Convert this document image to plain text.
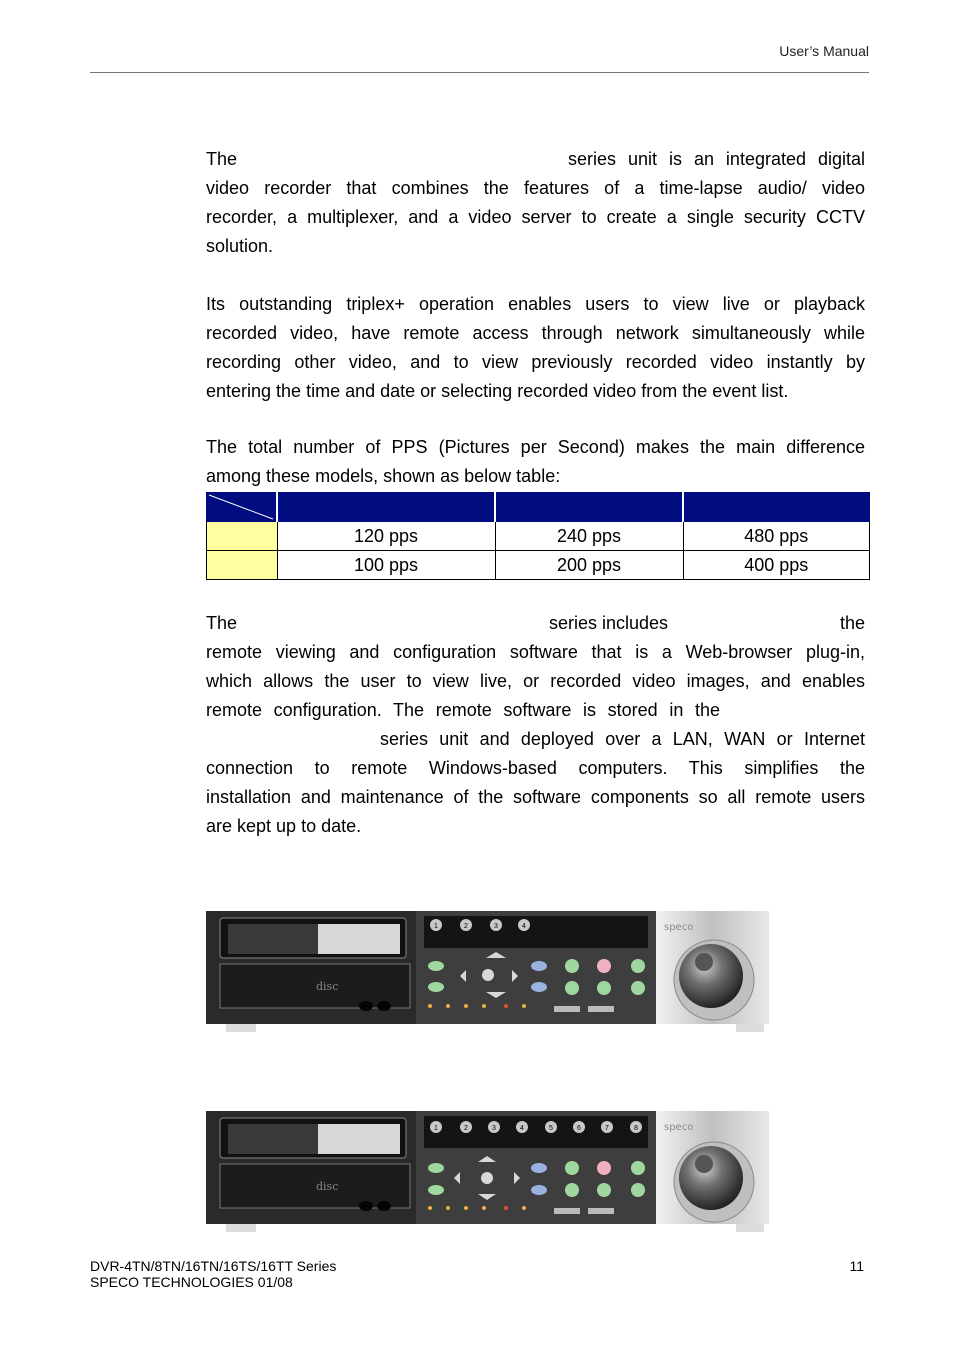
User’s Manual
The	series unit is an integrated digital
video recorder that combines the features of a time-lapse audio/ video
recorder, a multiplexer, and a video server to create a single security CCTV
solution.
Its outstanding triplex+ operation enables users to view live or playback
recorded video, have remote access through network simultaneously while
recording other video, and to view previously recorded video instantly by
entering the time and date or selecting recorded video from the event list.
The total number of PPS (Pictures per Second) makes the main difference
among these models, shown as below table:

	120 pps	240 pps	480 pps
	100 pps	200 pps	400 pps
The	series includes	the
remote viewing and configuration software that is a Web-browser plug-in,
which allows the user to view live, or recorded video images, and enables
remote configuration. The remote software is stored in the
series unit and deployed over a LAN, WAN or Internet
connection to remote Windows-based computers. This simplifies the
installation and maintenance of the software components so all remote users
are kept up to date.
disc
1	2	3	4	speco
disc
1	2	3	4	5	6	7	8	speco
DVR-4TN/8TN/16TN/16TS/16TT Series
SPECO TECHNOLOGIES 01/08
11
